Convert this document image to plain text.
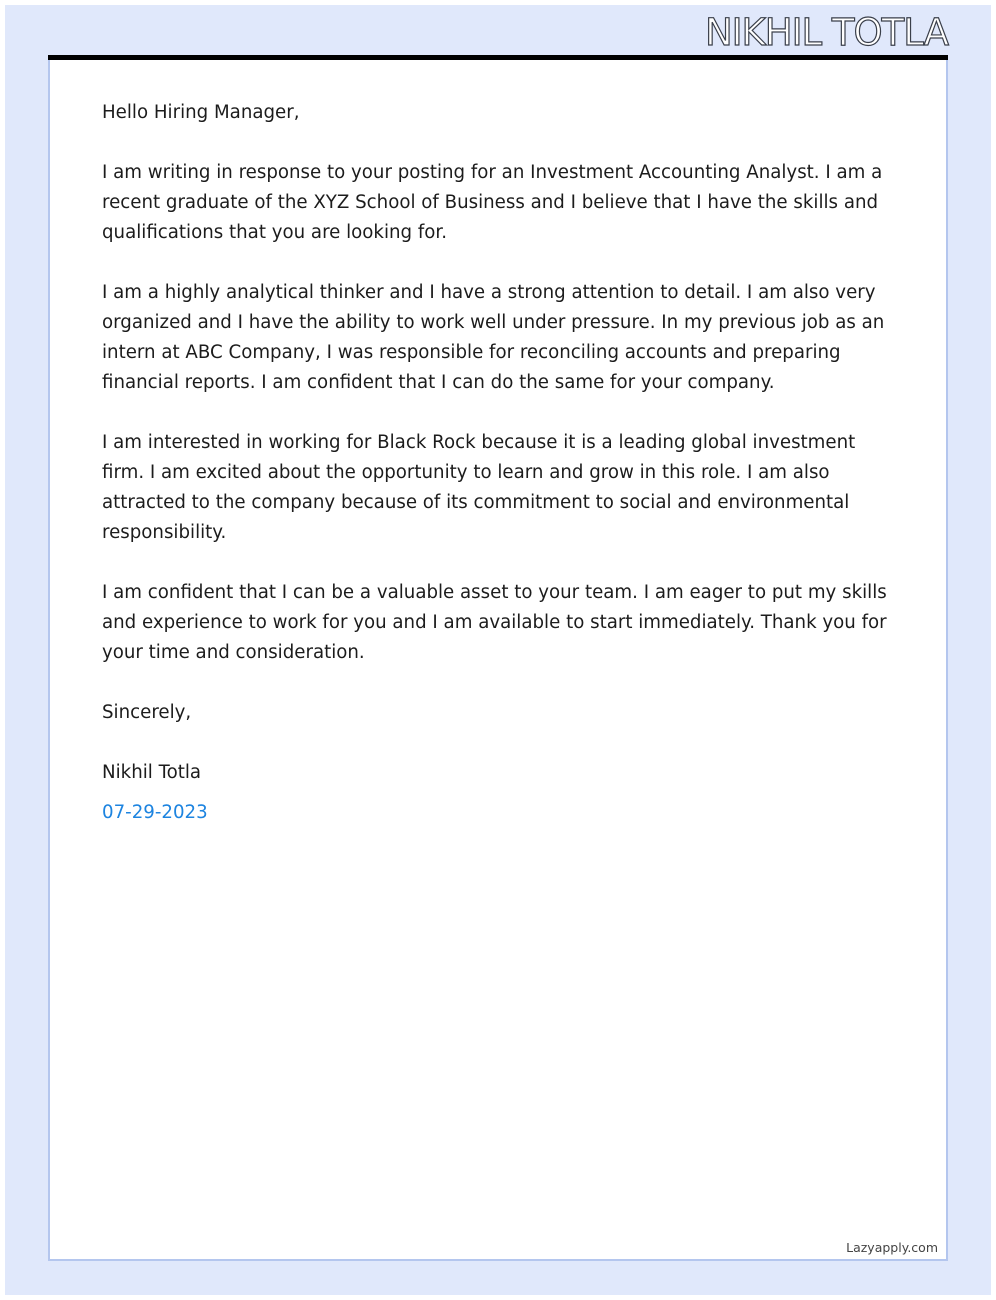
NIKHIL TOTLA

Hello Hiring Manager,

I am writing in response to your posting for an Investment Accounting Analyst. I am a recent graduate of the XYZ School of Business and I believe that I have the skills and qualifications that you are looking for.

I am a highly analytical thinker and I have a strong attention to detail. I am also very organized and I have the ability to work well under pressure. In my previous job as an intern at ABC Company, I was responsible for reconciling accounts and preparing financial reports. I am confident that I can do the same for your company.

I am interested in working for Black Rock because it is a leading global investment firm. I am excited about the opportunity to learn and grow in this role. I am also attracted to the company because of its commitment to social and environmental responsibility.

I am confident that I can be a valuable asset to your team. I am eager to put my skills and experience to work for you and I am available to start immediately. Thank you for your time and consideration.

Sincerely,

Nikhil Totla

07-29-2023

Lazyapply.com
